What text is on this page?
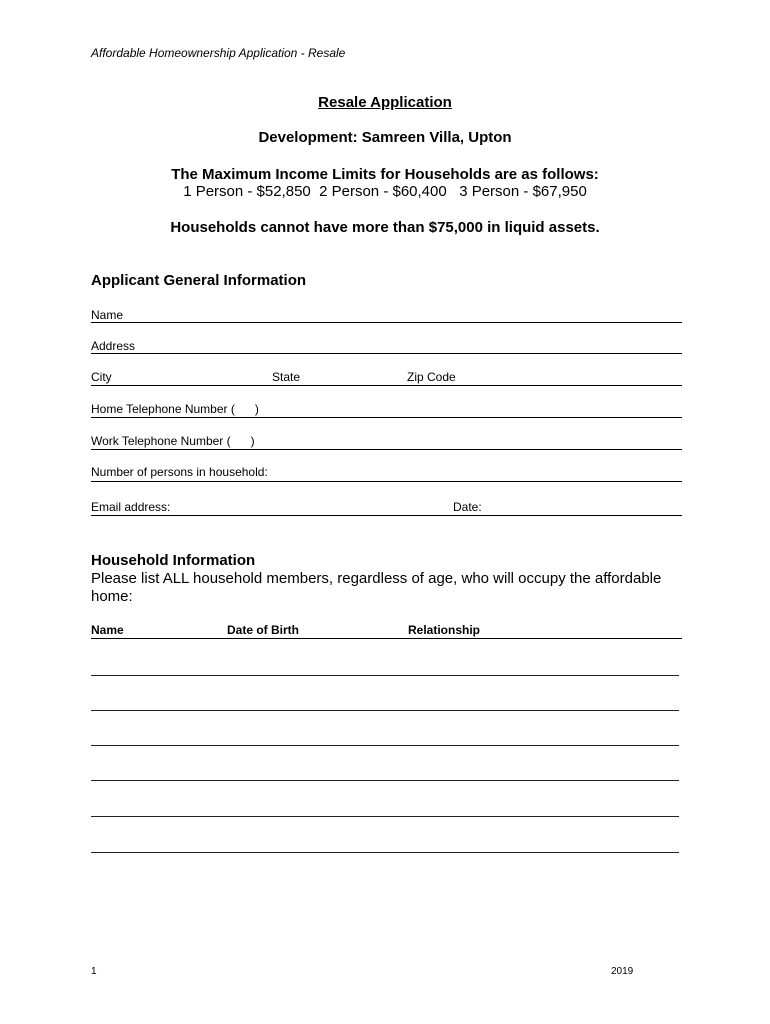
Affordable Homeownership Application - Resale
Resale Application
Development: Samreen Villa, Upton
The Maximum Income Limits for Households are as follows:
1 Person - $52,850  2 Person - $60,400   3 Person - $67,950
Households cannot have more than $75,000 in liquid assets.
Applicant General Information
Name
Address
City	State	Zip Code
Home Telephone Number (      )
Work Telephone Number (      )
Number of persons in household:
Email address:	Date:
Household Information
Please list ALL household members, regardless of age, who will occupy the affordable home:
Name	Date of Birth	Relationship
1	2019
